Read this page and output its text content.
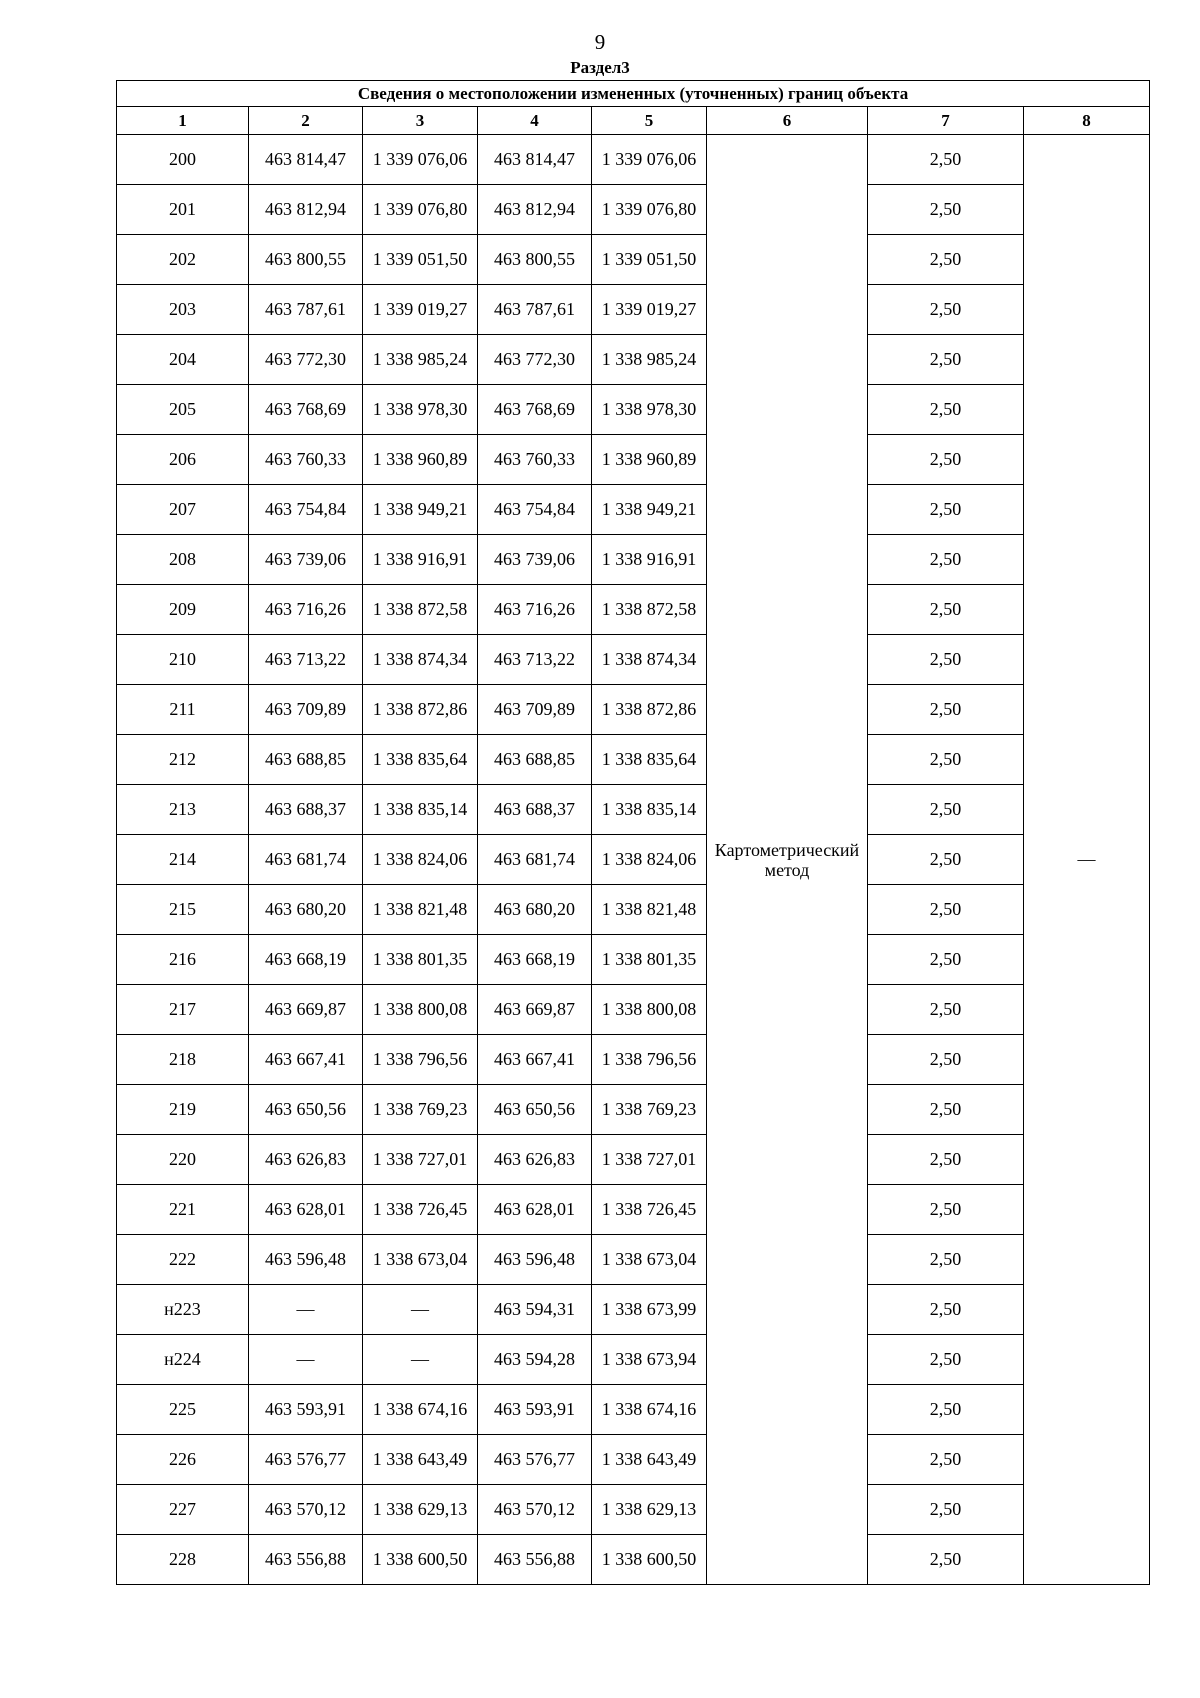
9
Раздел3
Сведения о местоположении измененных (уточненных) границ объекта							
1	2	3	4	5	6	7	8
200	463 814,47	1 339 076,06	463 814,47	1 339 076,06	Картометрический метод	2,50	—
201	463 812,94	1 339 076,80	463 812,94	1 339 076,80		2,50	
202	463 800,55	1 339 051,50	463 800,55	1 339 051,50		2,50	
203	463 787,61	1 339 019,27	463 787,61	1 339 019,27		2,50	
204	463 772,30	1 338 985,24	463 772,30	1 338 985,24		2,50	
205	463 768,69	1 338 978,30	463 768,69	1 338 978,30		2,50	
206	463 760,33	1 338 960,89	463 760,33	1 338 960,89		2,50	
207	463 754,84	1 338 949,21	463 754,84	1 338 949,21		2,50	
208	463 739,06	1 338 916,91	463 739,06	1 338 916,91		2,50	
209	463 716,26	1 338 872,58	463 716,26	1 338 872,58		2,50	
210	463 713,22	1 338 874,34	463 713,22	1 338 874,34		2,50	
211	463 709,89	1 338 872,86	463 709,89	1 338 872,86		2,50	
212	463 688,85	1 338 835,64	463 688,85	1 338 835,64		2,50	
213	463 688,37	1 338 835,14	463 688,37	1 338 835,14		2,50	
214	463 681,74	1 338 824,06	463 681,74	1 338 824,06		2,50	
215	463 680,20	1 338 821,48	463 680,20	1 338 821,48		2,50	
216	463 668,19	1 338 801,35	463 668,19	1 338 801,35		2,50	
217	463 669,87	1 338 800,08	463 669,87	1 338 800,08		2,50	
218	463 667,41	1 338 796,56	463 667,41	1 338 796,56		2,50	
219	463 650,56	1 338 769,23	463 650,56	1 338 769,23		2,50	
220	463 626,83	1 338 727,01	463 626,83	1 338 727,01		2,50	
221	463 628,01	1 338 726,45	463 628,01	1 338 726,45		2,50	
222	463 596,48	1 338 673,04	463 596,48	1 338 673,04		2,50	
н223	—	—	463 594,31	1 338 673,99		2,50	
н224	—	—	463 594,28	1 338 673,94		2,50	
225	463 593,91	1 338 674,16	463 593,91	1 338 674,16		2,50	
226	463 576,77	1 338 643,49	463 576,77	1 338 643,49		2,50	
227	463 570,12	1 338 629,13	463 570,12	1 338 629,13		2,50	
228	463 556,88	1 338 600,50	463 556,88	1 338 600,50		2,50	
